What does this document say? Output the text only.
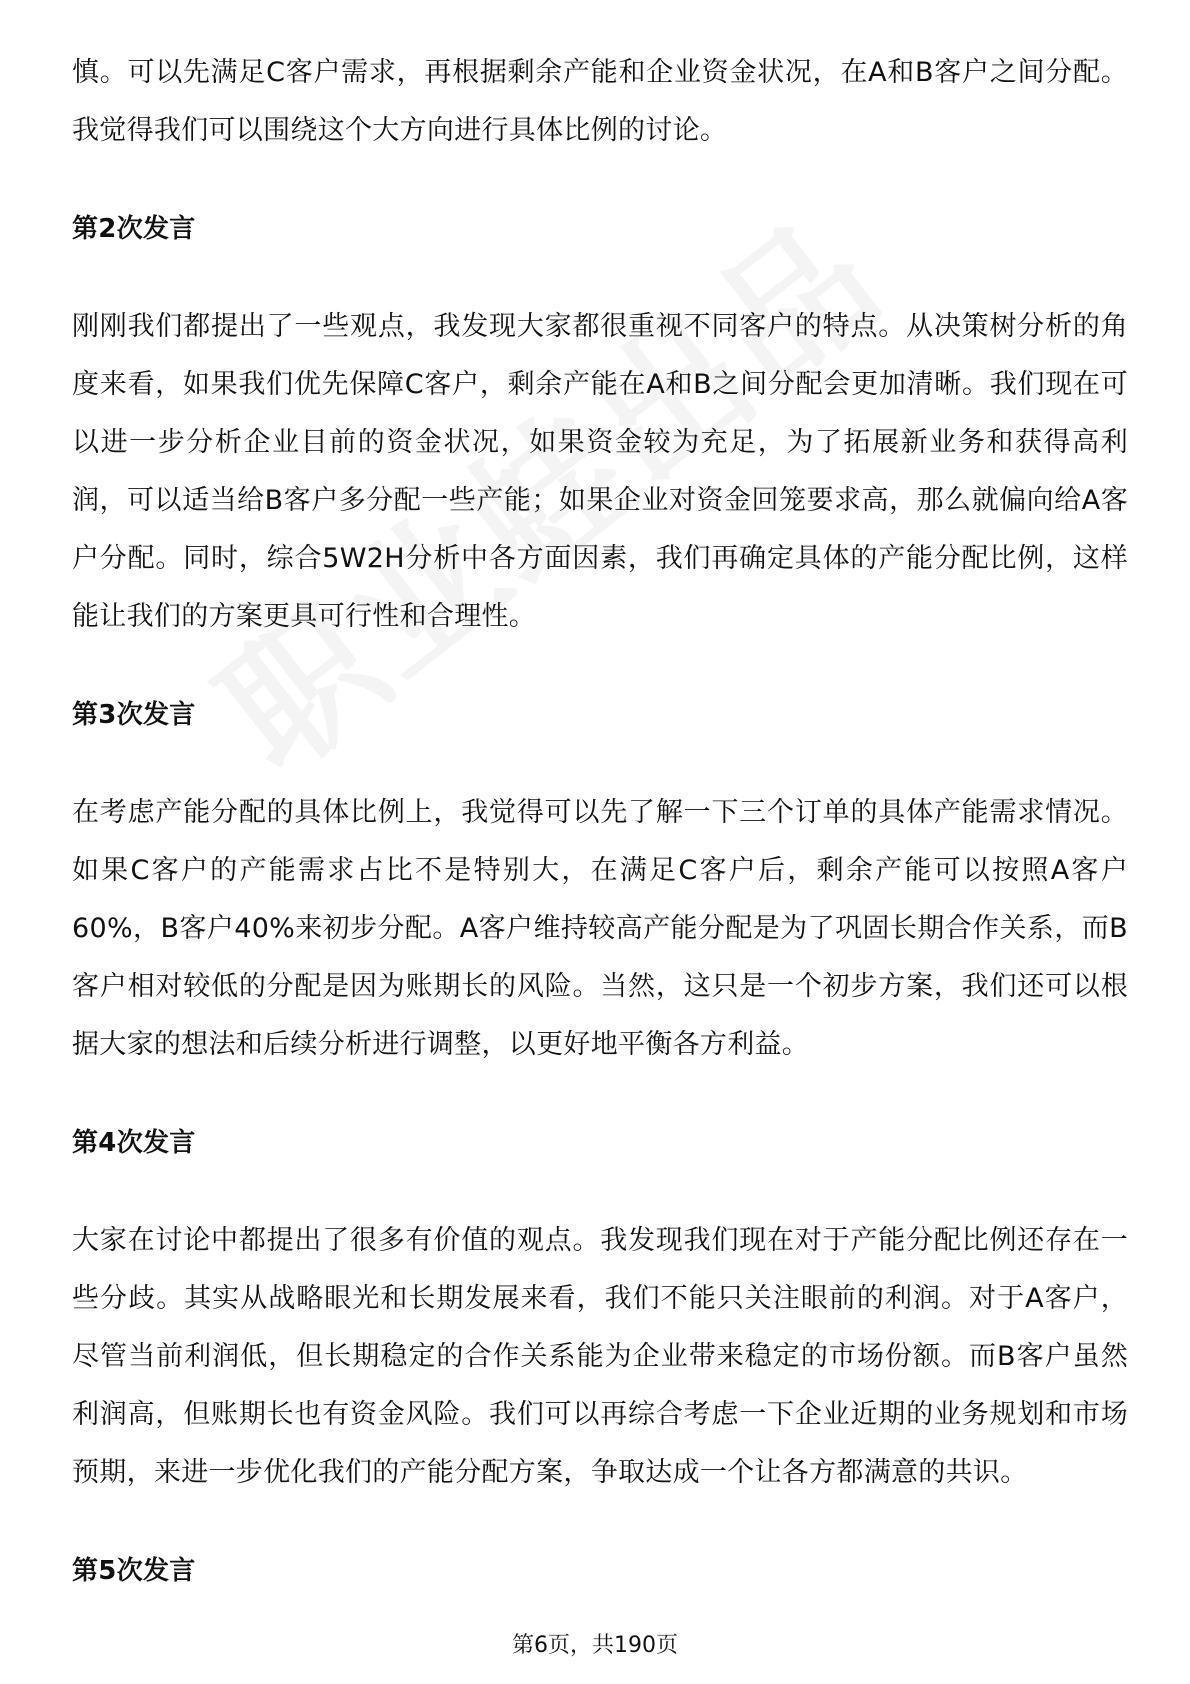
慎。可以先满足C客户需求，再根据剩余产能和企业资金状况，在A和B客户之间分配。我觉得我们可以围绕这个大方向进行具体比例的讨论。

第2次发言

刚刚我们都提出了一些观点，我发现大家都很重视不同客户的特点。从决策树分析的角度来看，如果我们优先保障C客户，剩余产能在A和B之间分配会更加清晰。我们现在可以进一步分析企业目前的资金状况，如果资金较为充足，为了拓展新业务和获得高利润，可以适当给B客户多分配一些产能；如果企业对资金回笼要求高，那么就偏向给A客户分配。同时，综合5W2H分析中各方面因素，我们再确定具体的产能分配比例，这样能让我们的方案更具可行性和合理性。

第3次发言

在考虑产能分配的具体比例上，我觉得可以先了解一下三个订单的具体产能需求情况。如果C客户的产能需求占比不是特别大，在满足C客户后，剩余产能可以按照A客户60%，B客户40%来初步分配。A客户维持较高产能分配是为了巩固长期合作关系，而B客户相对较低的分配是因为账期长的风险。当然，这只是一个初步方案，我们还可以根据大家的想法和后续分析进行调整，以更好地平衡各方利益。

第4次发言

大家在讨论中都提出了很多有价值的观点。我发现我们现在对于产能分配比例还存在一些分歧。其实从战略眼光和长期发展来看，我们不能只关注眼前的利润。对于A客户，尽管当前利润低，但长期稳定的合作关系能为企业带来稳定的市场份额。而B客户虽然利润高，但账期长也有资金风险。我们可以再综合考虑一下企业近期的业务规划和市场预期，来进一步优化我们的产能分配方案，争取达成一个让各方都满意的共识。

第5次发言
第6页，共190页
